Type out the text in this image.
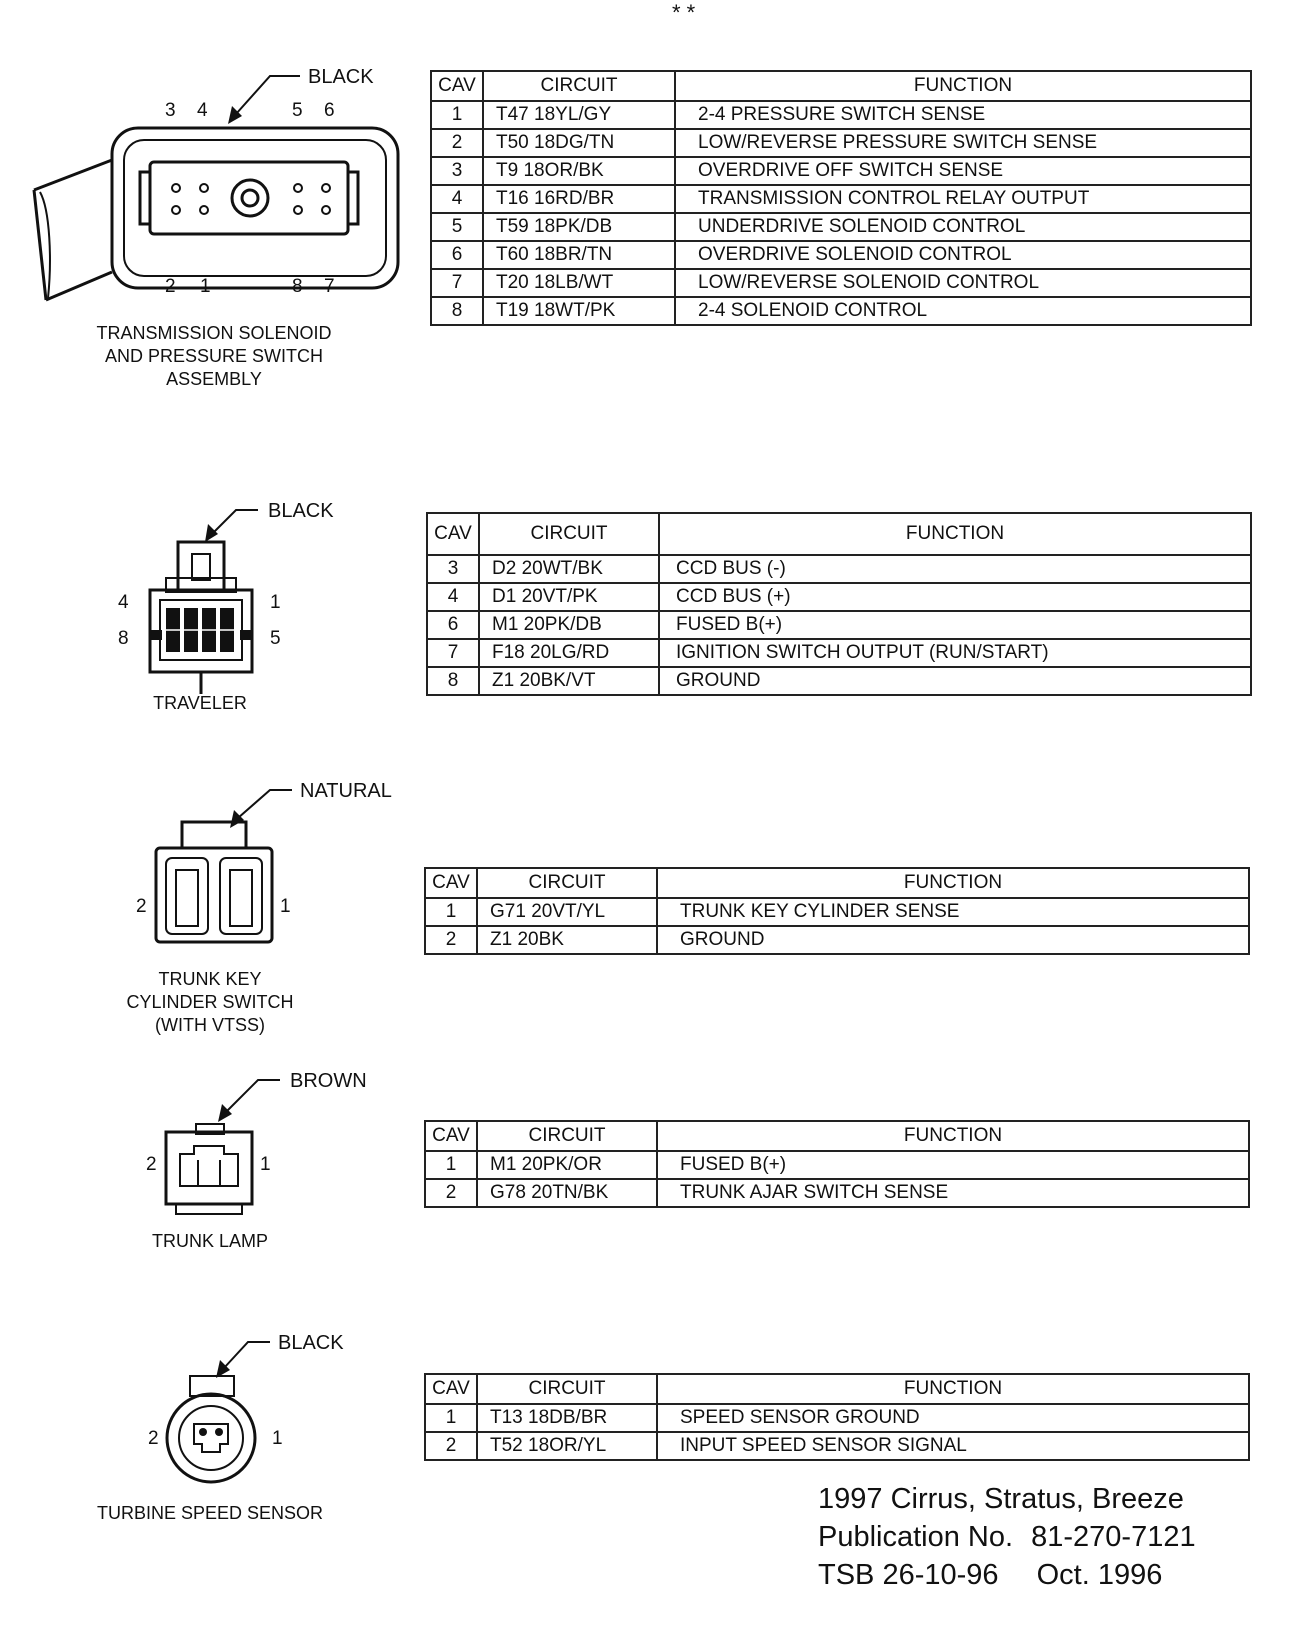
* *
BLACK
3 4	5 6
2 1	8 7
TRANSMISSION SOLENOID
AND PRESSURE SWITCH
ASSEMBLY
CAV	CIRCUIT	FUNCTION
1	T47 18YL/GY	2-4 PRESSURE SWITCH SENSE
2	T50 18DG/TN	LOW/REVERSE PRESSURE SWITCH SENSE
3	T9 18OR/BK	OVERDRIVE OFF SWITCH SENSE
4	T16 16RD/BR	TRANSMISSION CONTROL RELAY OUTPUT
5	T59 18PK/DB	UNDERDRIVE SOLENOID CONTROL
6	T60 18BR/TN	OVERDRIVE SOLENOID CONTROL
7	T20 18LB/WT	LOW/REVERSE SOLENOID CONTROL
8	T19 18WT/PK	2-4 SOLENOID CONTROL
BLACK
4
8
1
5
TRAVELER
CAV	CIRCUIT	FUNCTION
3	D2 20WT/BK	CCD BUS (-)
4	D1 20VT/PK	CCD BUS (+)
6	M1 20PK/DB	FUSED B(+)
7	F18 20LG/RD	IGNITION SWITCH OUTPUT (RUN/START)
8	Z1 20BK/VT	GROUND
NATURAL
2	1
TRUNK KEY
CYLINDER SWITCH
(WITH VTSS)
CAV	CIRCUIT	FUNCTION
1	G71 20VT/YL	TRUNK KEY CYLINDER SENSE
2	Z1 20BK	GROUND
BROWN
2	1
TRUNK LAMP
CAV	CIRCUIT	FUNCTION
1	M1 20PK/OR	FUSED B(+)
2	G78 20TN/BK	TRUNK AJAR SWITCH SENSE
BLACK
2	1
TURBINE SPEED SENSOR
CAV	CIRCUIT	FUNCTION
1	T13 18DB/BR	SPEED SENSOR GROUND
2	T52 18OR/YL	INPUT SPEED SENSOR SIGNAL
1997 Cirrus, Stratus, Breeze
Publication No. 81-270-7121
TSB 26-10-96 Oct. 1996
